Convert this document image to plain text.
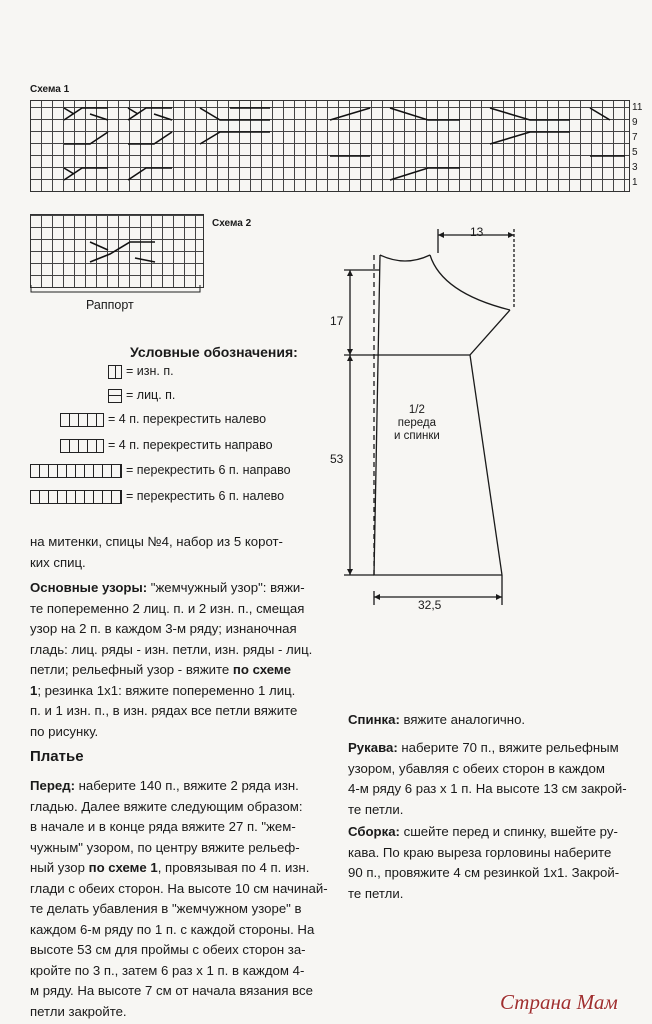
Схема 1
11
9
7
5
3
1
Схема 2
Раппорт
Условные обозначения:
= изн. п.
= лиц. п.
= 4 п. перекрестить налево
= 4 п. перекрестить направо
= перекрестить 6 п. направо
= перекрестить 6 п. налево
13
17
53
32,5
1/2
переда
и спинки
на митенки, спицы №4, набор из 5 корот-
ких спиц.
Основные узоры: "жемчужный узор": вяжи-
те попеременно 2 лиц. п. и 2 изн. п., смещая
узор на 2 п. в каждом 3-м ряду; изнаночная
гладь: лиц. ряды - изн. петли, изн. ряды - лиц.
петли; рельефный узор - вяжите по схеме
1; резинка 1х1: вяжите попеременно 1 лиц.
п. и 1 изн. п., в изн. рядах все петли вяжите
по рисунку.
Платье
Перед: наберите 140 п., вяжите 2 ряда изн.
гладью. Далее вяжите следующим образом:
в начале и в конце ряда вяжите 27 п. "жем-
чужным" узором, по центру вяжите рельеф-
ный узор по схеме 1, провязывая по 4 п. изн.
глади с обеих сторон. На высоте 10 см начинай-
те делать убавления в "жемчужном узоре" в
каждом 6-м ряду по 1 п. с каждой стороны. На
высоте 53 см для проймы с обеих сторон за-
кройте по 3 п., затем 6 раз х 1 п. в каждом 4-
м ряду. На высоте 7 см от начала вязания все
петли закройте.
Спинка: вяжите аналогично.
Рукава: наберите 70 п., вяжите рельефным
узором, убавляя с обеих сторон в каждом
4-м ряду 6 раз х 1 п. На высоте 13 см закрой-
те петли.
Сборка: сшейте перед и спинку, вшейте ру-
кава. По краю выреза горловины наберите
90 п., провяжите 4 см резинкой 1х1. Закрой-
те петли.
Страна Мам
